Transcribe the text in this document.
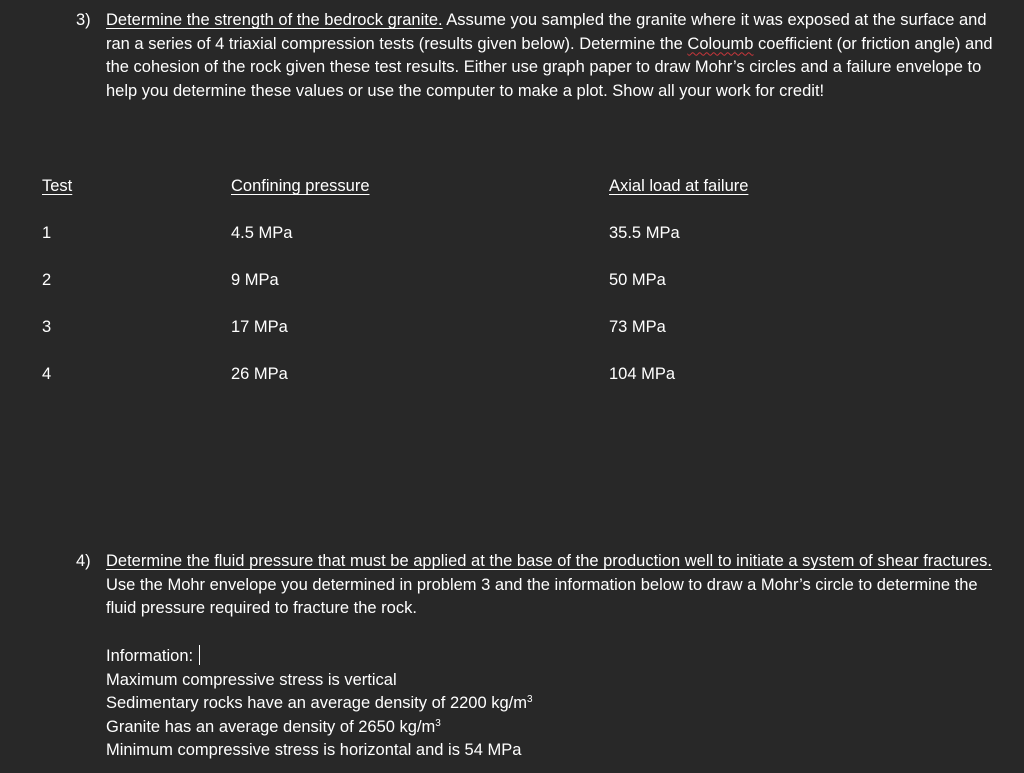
3) Determine the strength of the bedrock granite. Assume you sampled the granite where it was exposed at the surface and ran a series of 4 triaxial compression tests (results given below). Determine the Coloumb coefficient (or friction angle) and the cohesion of the rock given these test results. Either use graph paper to draw Mohr’s circles and a failure envelope to help you determine these values or use the computer to make a plot. Show all your work for credit!
Test	Confining pressure	Axial load at failure
1	4.5 MPa	35.5 MPa
2	9 MPa	50 MPa
3	17 MPa	73 MPa
4	26 MPa	104 MPa
4) Determine the fluid pressure that must be applied at the base of the production well to initiate a system of shear fractures. Use the Mohr envelope you determined in problem 3 and the information below to draw a Mohr’s circle to determine the fluid pressure required to fracture the rock.
Information:
Maximum compressive stress is vertical
Sedimentary rocks have an average density of 2200 $kg/m^3$
Granite has an average density of 2650 $kg/m^3$
Minimum compressive stress is horizontal and is 54 MPa
